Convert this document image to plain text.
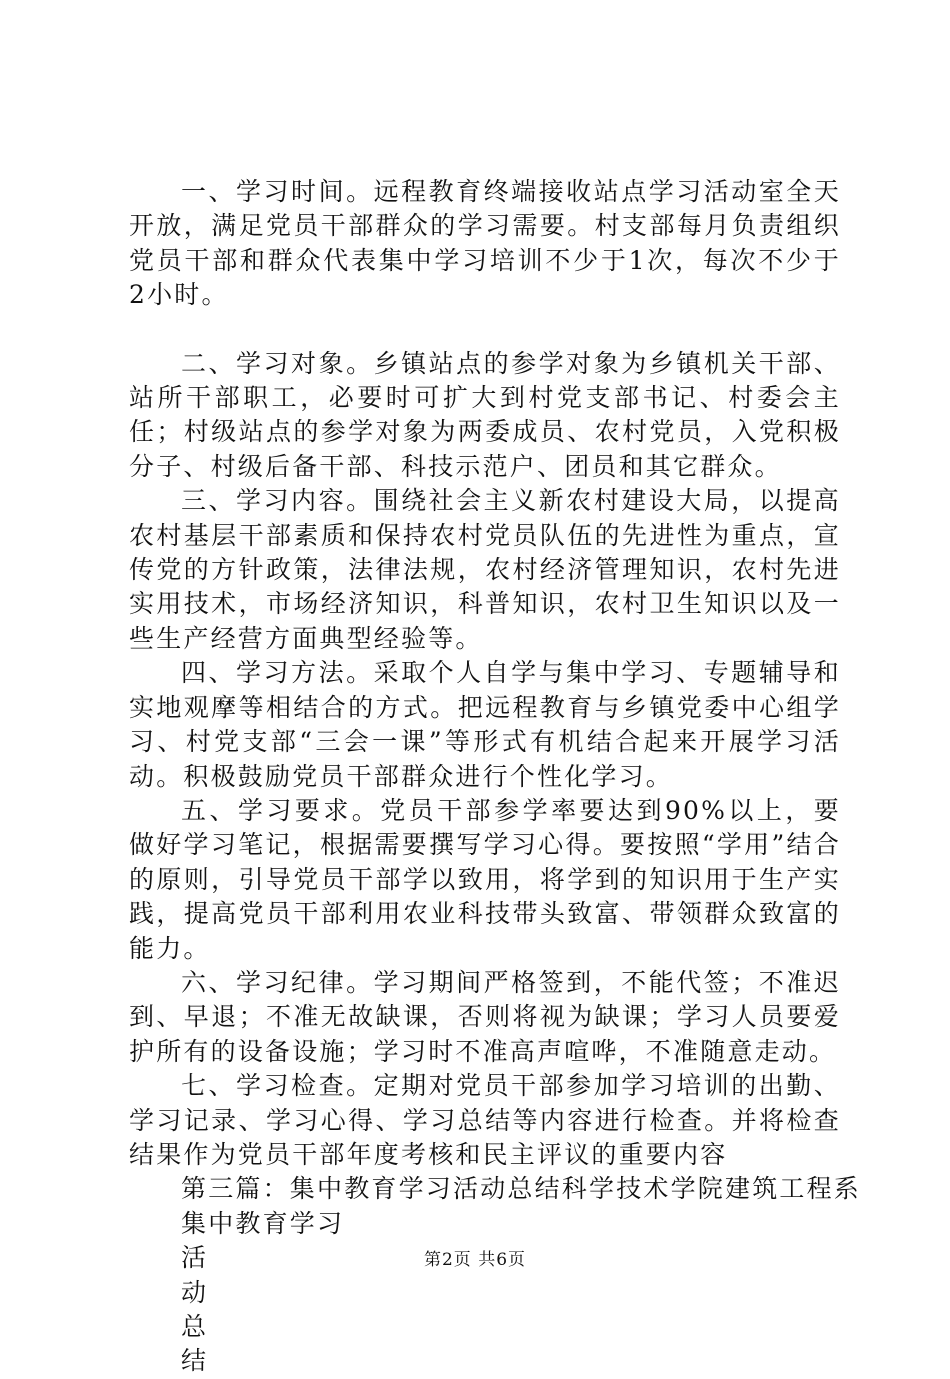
一、学习时间。远程教育终端接收站点学习活动室全天开放，满足党员干部群众的学习需要。村支部每月负责组织党员干部和群众代表集中学习培训不少于1次，每次不少于2小时。

二、学习对象。乡镇站点的参学对象为乡镇机关干部、站所干部职工，必要时可扩大到村党支部书记、村委会主任；村级站点的参学对象为两委成员、农村党员，入党积极分子、村级后备干部、科技示范户、团员和其它群众。

三、学习内容。围绕社会主义新农村建设大局，以提高农村基层干部素质和保持农村党员队伍的先进性为重点，宣传党的方针政策，法律法规，农村经济管理知识，农村先进实用技术，市场经济知识，科普知识，农村卫生知识以及一些生产经营方面典型经验等。

四、学习方法。采取个人自学与集中学习、专题辅导和实地观摩等相结合的方式。把远程教育与乡镇党委中心组学习、村党支部“三会一课”等形式有机结合起来开展学习活动。积极鼓励党员干部群众进行个性化学习。

五、学习要求。党员干部参学率要达到90%以上，要做好学习笔记，根据需要撰写学习心得。要按照“学用”结合的原则，引导党员干部学以致用，将学到的知识用于生产实践，提高党员干部利用农业科技带头致富、带领群众致富的能力。

六、学习纪律。学习期间严格签到，不能代签；不准迟到、早退；不准无故缺课，否则将视为缺课；学习人员要爱护所有的设备设施；学习时不准高声喧哗，不准随意走动。

七、学习检查。定期对党员干部参加学习培训的出勤、学习记录、学习心得、学习总结等内容进行检查。并将检查结果作为党员干部年度考核和民主评议的重要内容

第三篇：集中教育学习活动总结科学技术学院建筑工程系

集中教育学习

活

动

总

结

第2页 共6页
